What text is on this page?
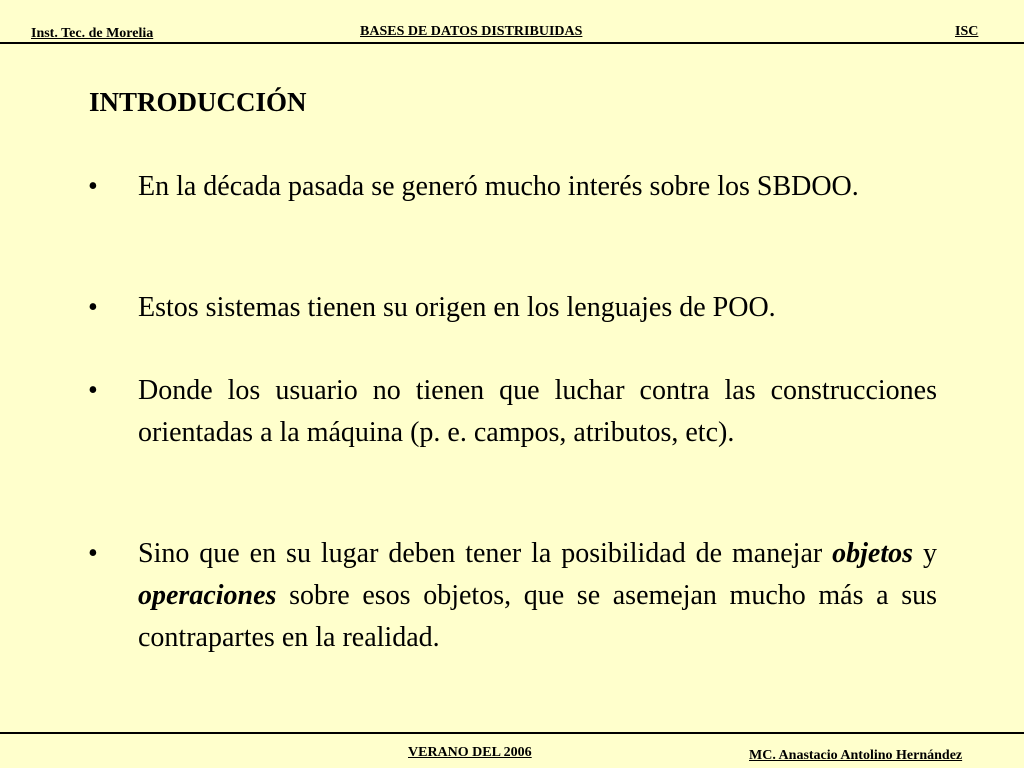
Inst. Tec. de Morelia	BASES DE DATOS DISTRIBUIDAS	ISC
INTRODUCCIÓN
• En la década pasada se generó mucho interés sobre los SBDOO.
• Estos sistemas tienen su origen en los lenguajes de POO.
• Donde los usuario no tienen que luchar contra las construcciones orientadas a la máquina (p. e. campos, atributos, etc).
• Sino que en su lugar deben tener la posibilidad de manejar objetos y operaciones sobre esos objetos, que se asemejan mucho más a sus contrapartes en la realidad.
VERANO DEL 2006	MC. Anastacio Antolino Hernández
